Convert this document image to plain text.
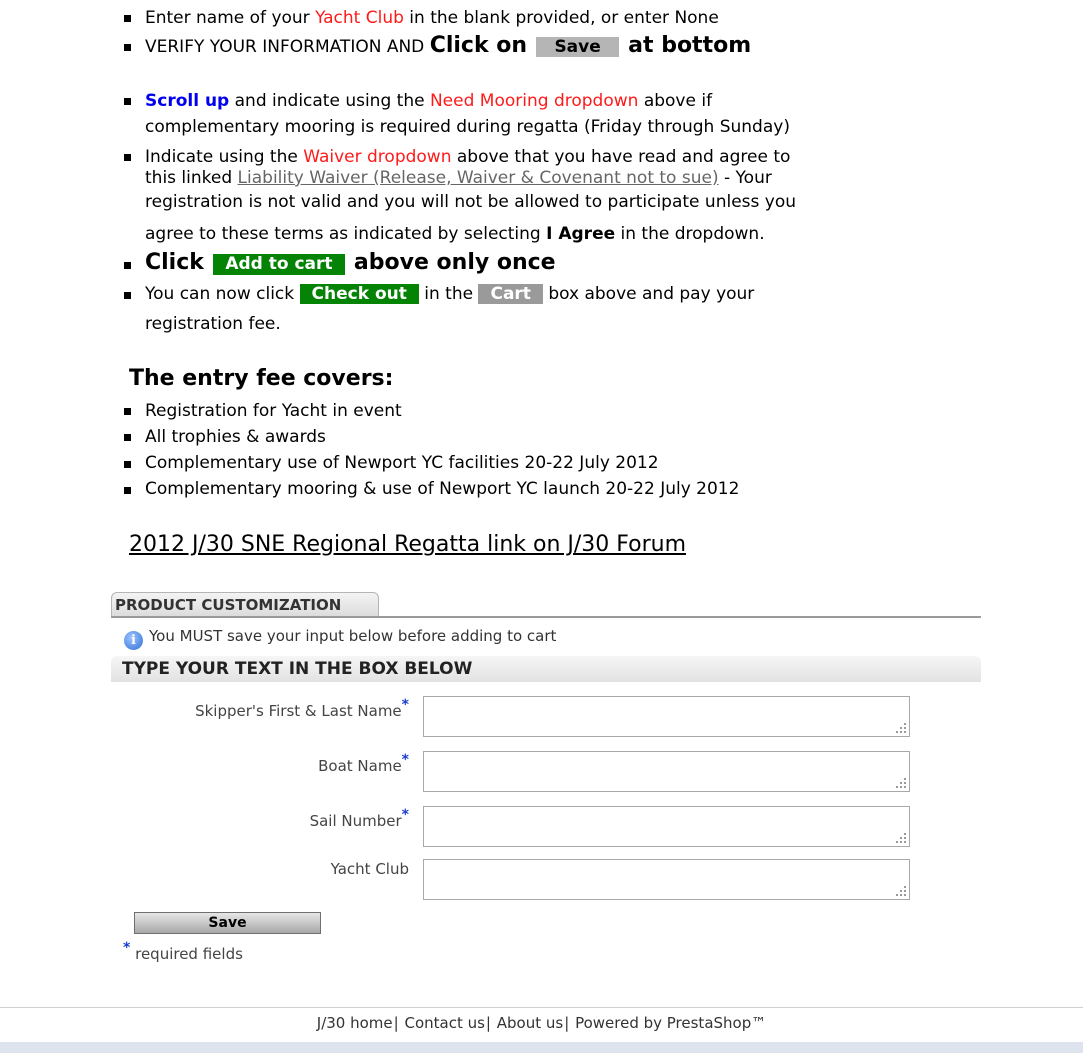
Enter name of your Yacht Club in the blank provided, or enter None
VERIFY YOUR INFORMATION AND Click on Save at bottom
Scroll up and indicate using the Need Mooring dropdown above if
complementary mooring is required during regatta (Friday through Sunday)
Indicate using the Waiver dropdown above that you have read and agree to
this linked Liability Waiver (Release, Waiver & Covenant not to sue) - Your
registration is not valid and you will not be allowed to participate unless you
agree to these terms as indicated by selecting I Agree in the dropdown.
Click Add to cart above only once
You can now click Check out in the Cart box above and pay your
registration fee.
The entry fee covers:
Registration for Yacht in event
All trophies & awards
Complementary use of Newport YC facilities 20-22 July 2012
Complementary mooring & use of Newport YC launch 20-22 July 2012
2012 J/30 SNE Regional Regatta link on J/30 Forum
PRODUCT CUSTOMIZATION
i You MUST save your input below before adding to cart
TYPE YOUR TEXT IN THE BOX BELOW
Skipper's First & Last Name*
Boat Name*
Sail Number*
Yacht Club
Save
* required fields
J/30 home| Contact us| About us| Powered by PrestaShop™
